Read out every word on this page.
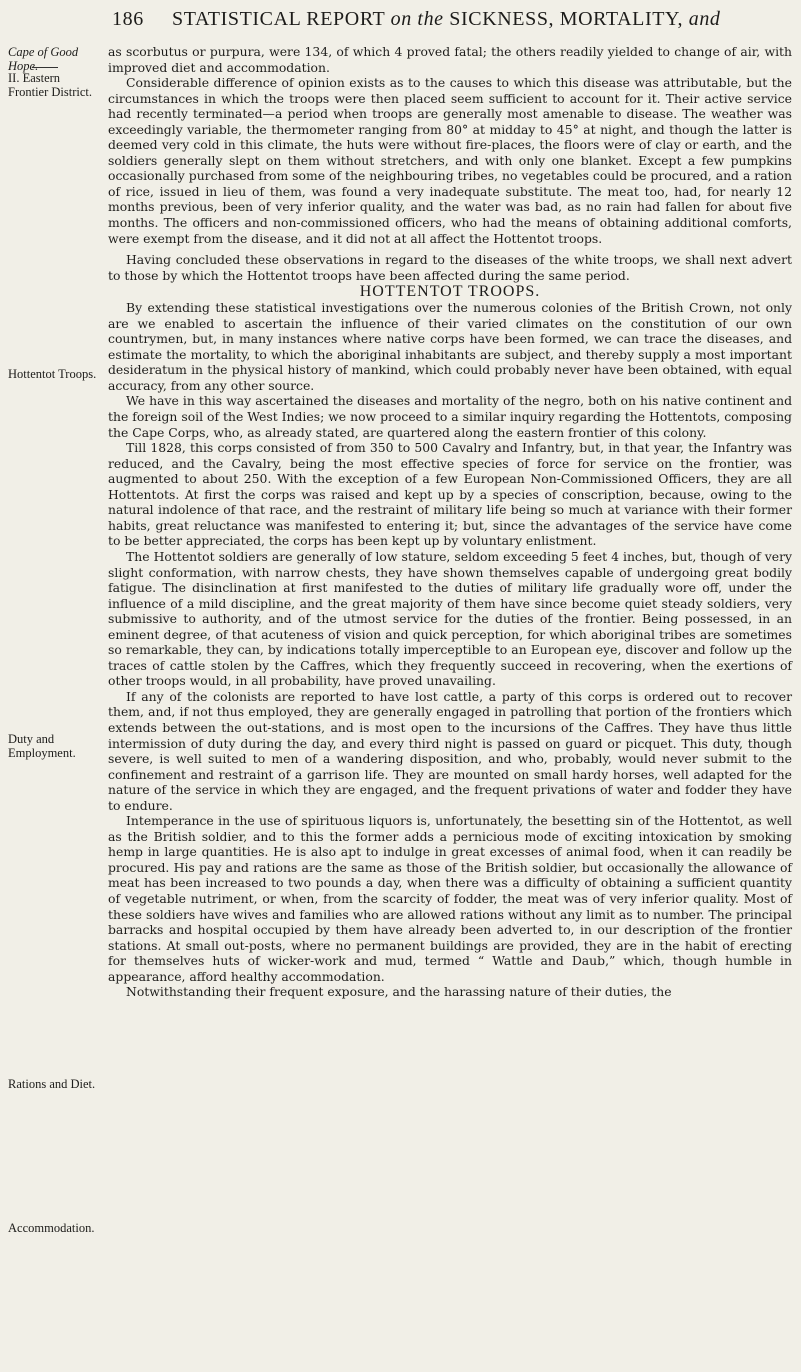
186 STATISTICAL REPORT on the SICKNESS, MORTALITY, and
Cape of Good Hope.
II. Eastern Frontier District.
Hottentot Troops.
Duty and Employment.
Rations and Diet.
Accommodation.

as scorbutus or purpura, were 134, of which 4 proved fatal; the others readily yielded to change of air, with improved diet and accommodation.

Considerable difference of opinion exists as to the causes to which this disease was attributable, but the circumstances in which the troops were then placed seem sufficient to account for it. Their active service had recently terminated—a period when troops are generally most amenable to disease. The weather was exceedingly variable, the thermometer ranging from 80° at midday to 45° at night, and though the latter is deemed very cold in this climate, the huts were without fire-places, the floors were of clay or earth, and the soldiers generally slept on them without stretchers, and with only one blanket. Except a few pumpkins occasionally purchased from some of the neighbouring tribes, no vegetables could be procured, and a ration of rice, issued in lieu of them, was found a very inadequate substitute. The meat too, had, for nearly 12 months previous, been of very inferior quality, and the water was bad, as no rain had fallen for about five months. The officers and non-commissioned officers, who had the means of obtaining additional comforts, were exempt from the disease, and it did not at all affect the Hottentot troops.

Having concluded these observations in regard to the diseases of the white troops, we shall next advert to those by which the Hottentot troops have been affected during the same period.

HOTTENTOT TROOPS.

By extending these statistical investigations over the numerous colonies of the British Crown, not only are we enabled to ascertain the influence of their varied climates on the constitution of our own countrymen, but, in many instances where native corps have been formed, we can trace the diseases, and estimate the mortality, to which the aboriginal inhabitants are subject, and thereby supply a most important desideratum in the physical history of mankind, which could probably never have been obtained, with equal accuracy, from any other source.

We have in this way ascertained the diseases and mortality of the negro, both on his native continent and the foreign soil of the West Indies; we now proceed to a similar inquiry regarding the Hottentots, composing the Cape Corps, who, as already stated, are quartered along the eastern frontier of this colony.

Till 1828, this corps consisted of from 350 to 500 Cavalry and Infantry, but, in that year, the Infantry was reduced, and the Cavalry, being the most effective species of force for service on the frontier, was augmented to about 250. With the exception of a few European Non-Commissioned Officers, they are all Hottentots. At first the corps was raised and kept up by a species of conscription, because, owing to the natural indolence of that race, and the restraint of military life being so much at variance with their former habits, great reluctance was manifested to entering it; but, since the advantages of the service have come to be better appreciated, the corps has been kept up by voluntary enlistment.

The Hottentot soldiers are generally of low stature, seldom exceeding 5 feet 4 inches, but, though of very slight conformation, with narrow chests, they have shown themselves capable of undergoing great bodily fatigue. The disinclination at first manifested to the duties of military life gradually wore off, under the influence of a mild discipline, and the great majority of them have since become quiet steady soldiers, very submissive to authority, and of the utmost service for the duties of the frontier. Being possessed, in an eminent degree, of that acuteness of vision and quick perception, for which aboriginal tribes are sometimes so remarkable, they can, by indications totally imperceptible to an European eye, discover and follow up the traces of cattle stolen by the Caffres, which they frequently succeed in recovering, when the exertions of other troops would, in all probability, have proved unavailing.

If any of the colonists are reported to have lost cattle, a party of this corps is ordered out to recover them, and, if not thus employed, they are generally engaged in patrolling that portion of the frontiers which extends between the out-stations, and is most open to the incursions of the Caffres. They have thus little intermission of duty during the day, and every third night is passed on guard or picquet. This duty, though severe, is well suited to men of a wandering disposition, and who, probably, would never submit to the confinement and restraint of a garrison life. They are mounted on small hardy horses, well adapted for the nature of the service in which they are engaged, and the frequent privations of water and fodder they have to endure.

Intemperance in the use of spirituous liquors is, unfortunately, the besetting sin of the Hottentot, as well as the British soldier, and to this the former adds a pernicious mode of exciting intoxication by smoking hemp in large quantities. He is also apt to indulge in great excesses of animal food, when it can readily be procured. His pay and rations are the same as those of the British soldier, but occasionally the allowance of meat has been increased to two pounds a day, when there was a difficulty of obtaining a sufficient quantity of vegetable nutriment, or when, from the scarcity of fodder, the meat was of very inferior quality. Most of these soldiers have wives and families who are allowed rations without any limit as to number. The principal barracks and hospital occupied by them have already been adverted to, in our description of the frontier stations. At small out-posts, where no permanent buildings are provided, they are in the habit of erecting for themselves huts of wicker-work and mud, termed “ Wattle and Daub,” which, though humble in appearance, afford healthy accommodation.

Notwithstanding their frequent exposure, and the harassing nature of their duties, the
